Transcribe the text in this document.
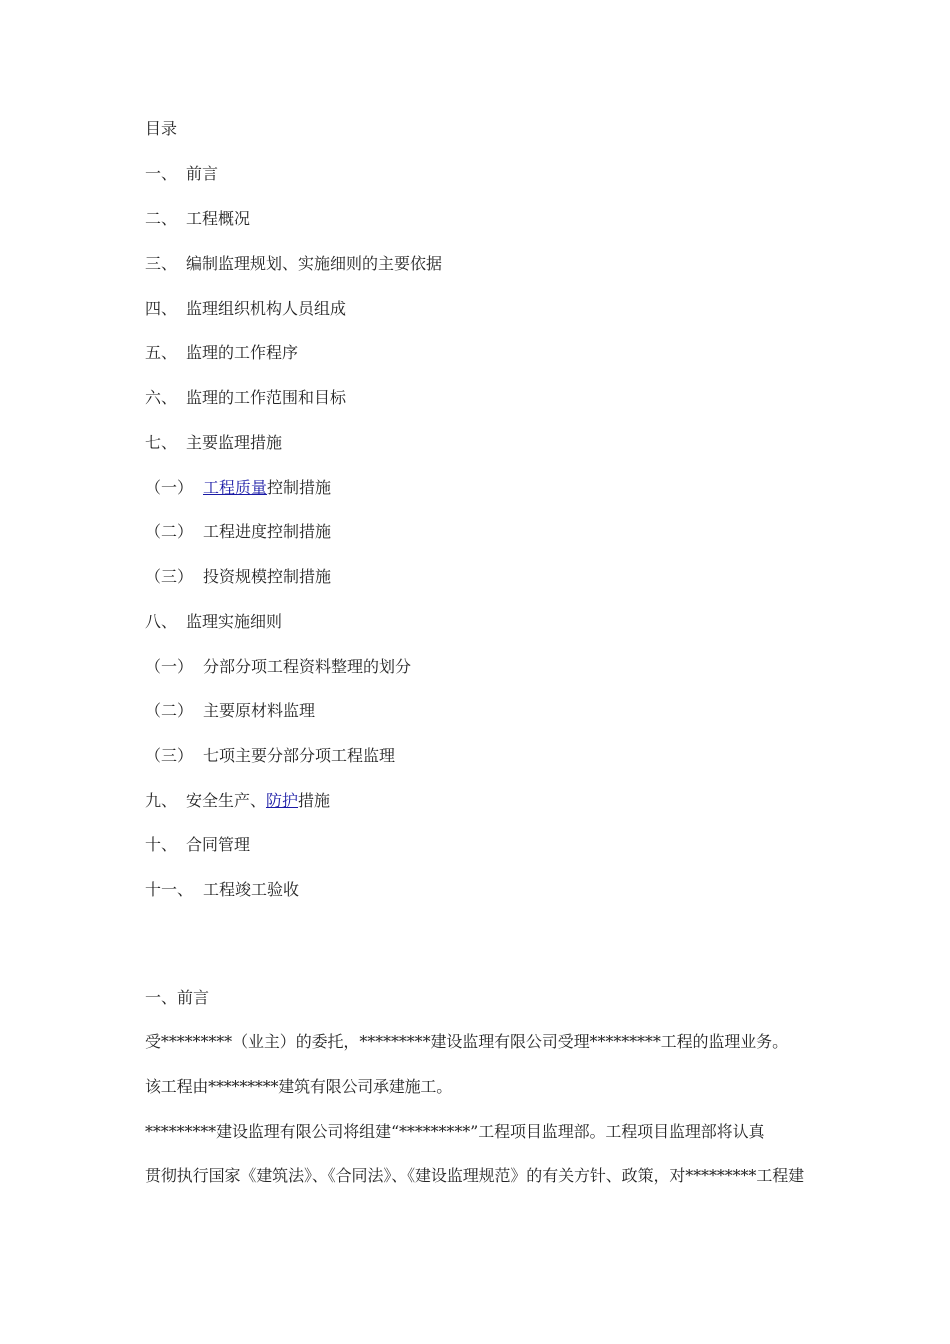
目录
一、 前言
二、 工程概况
三、 编制监理规划、实施细则的主要依据
四、 监理组织机构人员组成
五、 监理的工作程序
六、 监理的工作范围和目标
七、 主要监理措施
（一） 工程质量控制措施
（二） 工程进度控制措施
（三） 投资规模控制措施
八、 监理实施细则
（一） 分部分项工程资料整理的划分
（二） 主要原材料监理
（三） 七项主要分部分项工程监理
九、 安全生产、防护措施
十、 合同管理
十一、 工程竣工验收
一、前言
受*********（业主）的委托，*********建设监理有限公司受理*********工程的监理业务。
该工程由*********建筑有限公司承建施工。
*********建设监理有限公司将组建“*********”工程项目监理部。工程项目监理部将认真
贯彻执行国家《建筑法》、《合同法》、《建设监理规范》的有关方针、政策，对*********工程建
